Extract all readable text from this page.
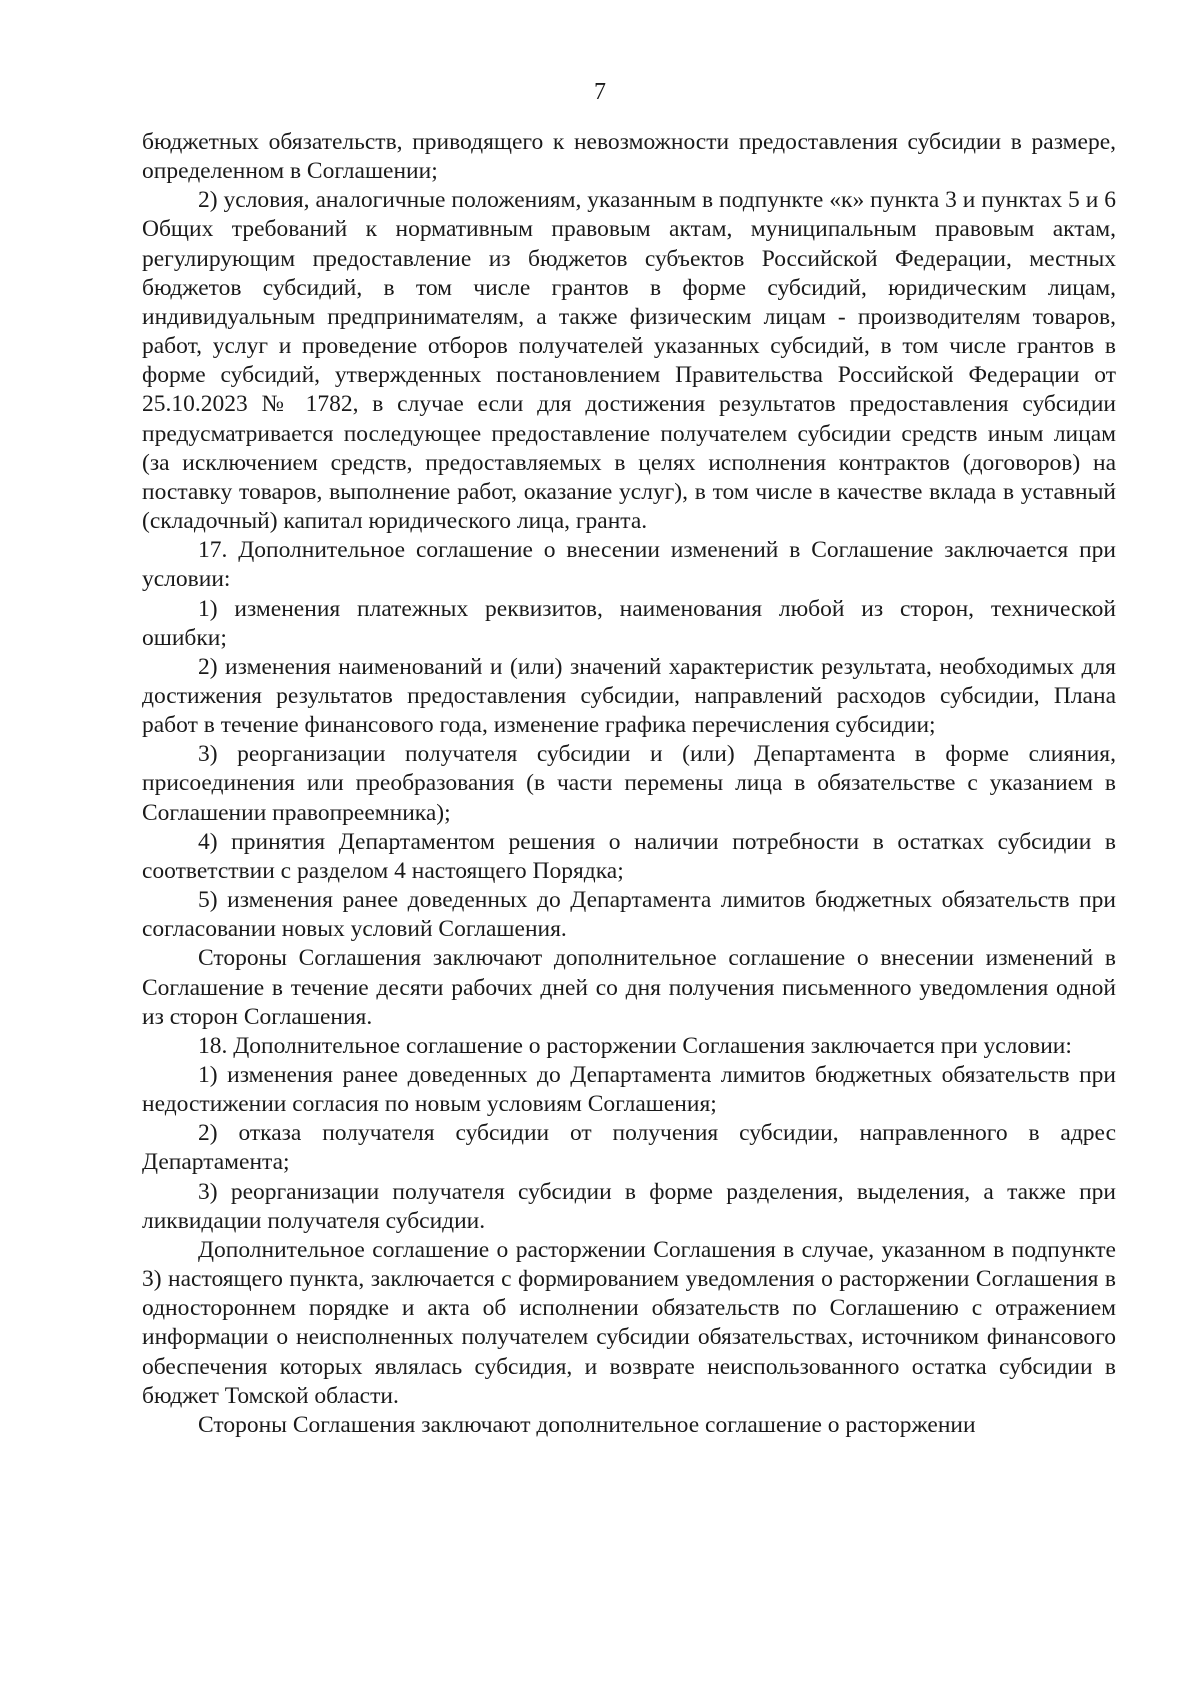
7

бюджетных обязательств, приводящего к невозможности предоставления субсидии в размере, определенном в Соглашении;

2) условия, аналогичные положениям, указанным в подпункте «к» пункта 3 и пунктах 5 и 6 Общих требований к нормативным правовым актам, муниципальным правовым актам, регулирующим предоставление из бюджетов субъектов Российской Федерации, местных бюджетов субсидий, в том числе грантов в форме субсидий, юридическим лицам, индивидуальным предпринимателям, а также физическим лицам - производителям товаров, работ, услуг и проведение отборов получателей указанных субсидий, в том числе грантов в форме субсидий, утвержденных постановлением Правительства Российской Федерации от 25.10.2023 № 1782, в случае если для достижения результатов предоставления субсидии предусматривается последующее предоставление получателем субсидии средств иным лицам (за исключением средств, предоставляемых в целях исполнения контрактов (договоров) на поставку товаров, выполнение работ, оказание услуг), в том числе в качестве вклада в уставный (складочный) капитал юридического лица, гранта.

17. Дополнительное соглашение о внесении изменений в Соглашение заключается при условии:

1) изменения платежных реквизитов, наименования любой из сторон, технической ошибки;

2) изменения наименований и (или) значений характеристик результата, необходимых для достижения результатов предоставления субсидии, направлений расходов субсидии, Плана работ в течение финансового года, изменение графика перечисления субсидии;

3) реорганизации получателя субсидии и (или) Департамента в форме слияния, присоединения или преобразования (в части перемены лица в обязательстве с указанием в Соглашении правопреемника);

4) принятия Департаментом решения о наличии потребности в остатках субсидии в соответствии с разделом 4 настоящего Порядка;

5) изменения ранее доведенных до Департамента лимитов бюджетных обязательств при согласовании новых условий Соглашения.

Стороны Соглашения заключают дополнительное соглашение о внесении изменений в Соглашение в течение десяти рабочих дней со дня получения письменного уведомления одной из сторон Соглашения.

18. Дополнительное соглашение о расторжении Соглашения заключается при условии:

1) изменения ранее доведенных до Департамента лимитов бюджетных обязательств при недостижении согласия по новым условиям Соглашения;

2) отказа получателя субсидии от получения субсидии, направленного в адрес Департамента;

3) реорганизации получателя субсидии в форме разделения, выделения, а также при ликвидации получателя субсидии.

Дополнительное соглашение о расторжении Соглашения в случае, указанном в подпункте 3) настоящего пункта, заключается с формированием уведомления о расторжении Соглашения в одностороннем порядке и акта об исполнении обязательств по Соглашению с отражением информации о неисполненных получателем субсидии обязательствах, источником финансового обеспечения которых являлась субсидия, и возврате неиспользованного остатка субсидии в бюджет Томской области.

Стороны Соглашения заключают дополнительное соглашение о расторжении
